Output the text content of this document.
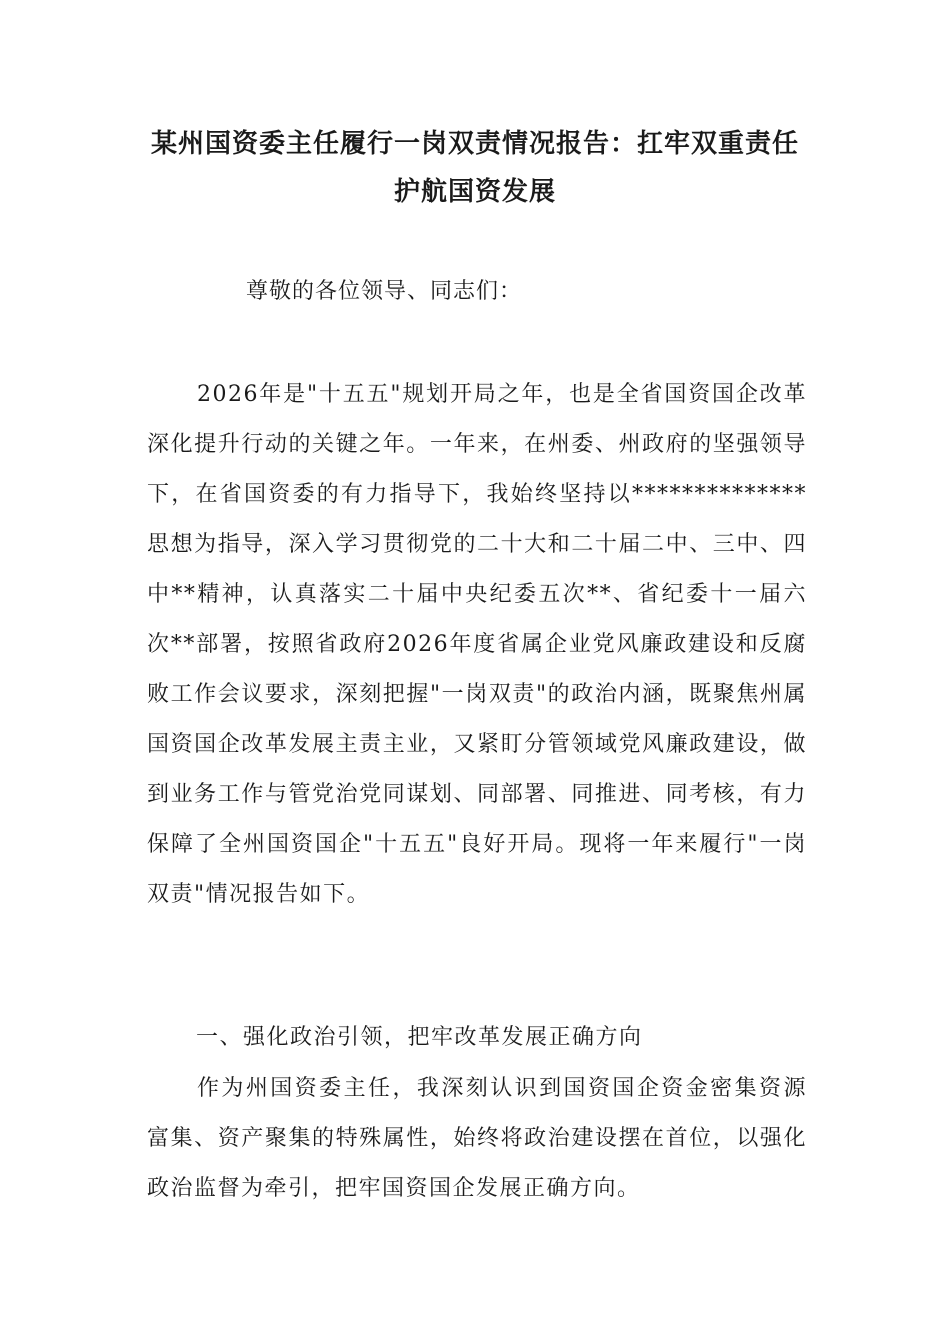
某州国资委主任履行一岗双责情况报告：扛牢双重责任　护航国资发展
尊敬的各位领导、同志们：
2026年是"十五五"规划开局之年，也是全省国资国企改革深化提升行动的关键之年。一年来，在州委、州政府的坚强领导下，在省国资委的有力指导下，我始终坚持以**************思想为指导，深入学习贯彻党的二十大和二十届二中、三中、四中**精神，认真落实二十届中央纪委五次**、省纪委十一届六次**部署，按照省政府2026年度省属企业党风廉政建设和反腐败工作会议要求，深刻把握"一岗双责"的政治内涵，既聚焦州属国资国企改革发展主责主业，又紧盯分管领域党风廉政建设，做到业务工作与管党治党同谋划、同部署、同推进、同考核，有力保障了全州国资国企"十五五"良好开局。现将一年来履行"一岗双责"情况报告如下。
一、强化政治引领，把牢改革发展正确方向
作为州国资委主任，我深刻认识到国资国企资金密集资源富集、资产聚集的特殊属性，始终将政治建设摆在首位，以强化政治监督为牵引，把牢国资国企发展正确方向。
